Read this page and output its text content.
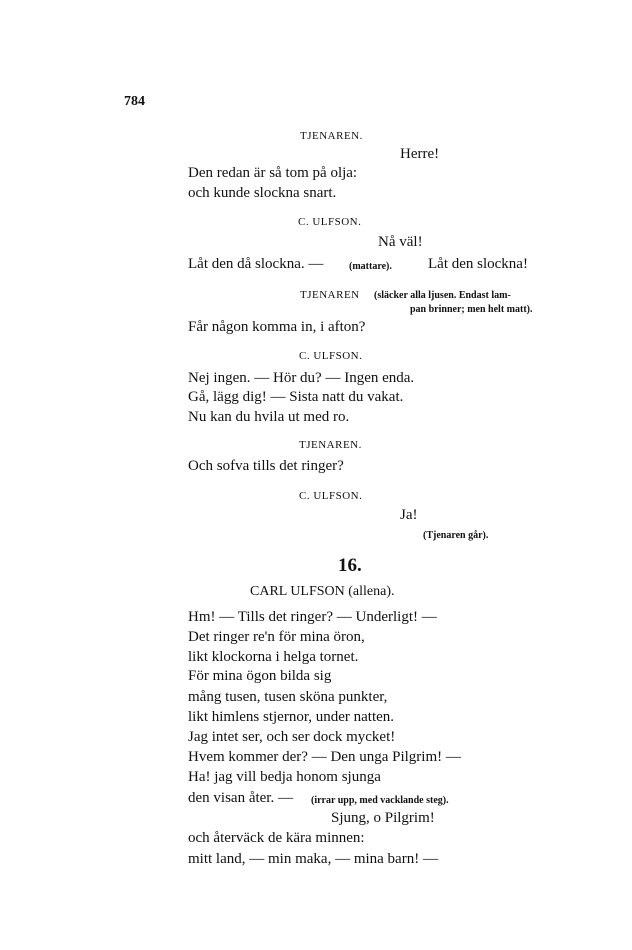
784
TJENAREN.
Herre!
Den redan är så tom på olja:
och kunde slockna snart.
C. ULFSON.
Nå väl!
Låt den då slockna. —	(mattare). Låt den slockna!
TJENAREN (släcker alla ljusen. Endast lam-
pan brinner; men helt matt).
Får någon komma in, i afton?
C. ULFSON.
Nej ingen. — Hör du? — Ingen enda.
Gå, lägg dig! — Sista natt du vakat.
Nu kan du hvila ut med ro.
TJENAREN.
Och sofva tills det ringer?
C. ULFSON.
Ja!
(Tjenaren går).
16.
CARL ULFSON (allena).
Hm! — Tills det ringer? — Underligt! —
Det ringer re'n för mina öron,
likt klockorna i helga tornet.
För mina ögon bilda sig
mång tusen, tusen sköna punkter,
likt himlens stjernor, under natten.
Jag intet ser, och ser dock mycket!
Hvem kommer der? — Den unga Pilgrim! —
Ha! jag vill bedja honom sjunga
den visan åter. — (irrar upp, med vacklande steg).
Sjung, o Pilgrim!
och återväck de kära minnen:
mitt land, — min maka, — mina barn! —
